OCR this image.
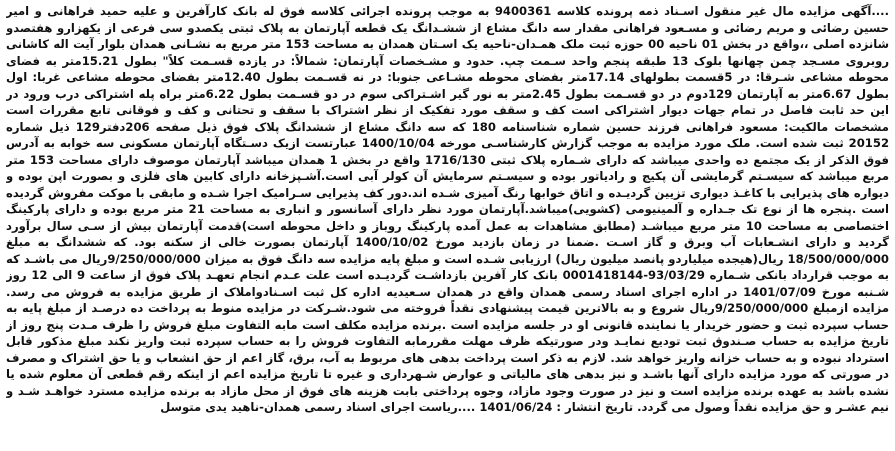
....آگهی مزایده مال غیر منقول اسـناد ذمه پرونده کلاسه 9400361 به موجب پرونده اجرائی کلاسه فوق له بانک کارآفرین و علیه حمید فراهانی و امیر حسین رضائی و مریم رضائی و مسـعود فراهانی مقدار سه دانگ مشاع از ششـدانگ یک قطعه آپارتمان به پلاک ثبتی یکصدو سی فرعی از یکهزارو هفتصدو شانزده اصلی ،،واقع در بخش 01 ناحیه 00 حوزه ثبت ملک همـدان-ناحیه یک اسـتان همدان به مساحت 153 متر مربع به نشـانی همدان بلوار آیت اله کاشانی روبروی مسـجد چمن چهانها بلوک 13 طبقه پنجم واحد سـمت چپ. حدود و مشـخصات آپارتمان: شمالاً: در یازده قسـمت کلاً" بطول 15.21متر به فضای محوطه مشاعی شـرقا: در 5قسمت بطولهای 17.14متر بفضای محوطه مشـاعی جنوبا: در نه قسـمت بطول 12.40متر بفضای محوطه مشاعی غربا: اول بطول 6.67متر به آپارتمان 129دوم در دو قسـمت بطول 2.45متر به نور گیر اشـتراکی سوم در دو قسـمت بطول 6.22متر براه پله اشتراکی درب ورود در این حد ثابت فاصل در تمام جهات دیوار اشتراکی است کف و سقف مورد تفکیک از نظر اشتراک با سقف و تحتانی و کف و فوقانی تابع مقررات است مشخصات مالکیت: مسعود فراهانی فرزند حسین شماره شناسنامه 180 که سه دانگ مشاع از ششدانگ پلاک فوق ذیل صفحه 206دفتر129 ذیل شماره 20152 ثبت شده است. ملک مورد مزایده به موجب گزارش کارشناسـی مورخه 1400/10/04 عبارتست ازیک دسـتگاه آپارتمان مسکونی سه خوابه به آدرس فوق الذکر از یک مجتمع ده واحدی میباشد که دارای شـماره پلاک ثبتی 1716/130 واقع در بخش 1 همدان میباشد آپارتمان موصوف دارای مساحت 153 متر مربع میباشد که سیسـتم گرمایشی آن پکیج و رادیاتور بوده و سیسـتم سرمایش آن کولر آبی است.آشـپزخانه دارای کابین های فلزی و بصورت اپن بوده و دیواره های پذیرایی با کاغـذ دیواری تزیین گردیـده و اتاق خوابها رنگ آمیزی شـده اند.دور کف پذیرایی سـرامیک اجرا شـده و مابقی با موکت مفروش گردیده است .پنجره ها از نوع تک جـداره و آلمینیومی (کشویی)میباشد.آپارتمان مورد نظر دارای آسانسور و انباری به مساحت 21 متر مربع بوده و دارای پارکینگ اختصاصی به مساحت 10 متر مربع میباشـد (مطابق مشاهدات به عمل آمده پارکینگ روباز و داخل محوطه است)قدمت آپارتمان بیش از سـی سال برآورد گردید و دارای انشـعابات آب وبرق و گاز اسـت .ضمنا در زمان بازدید مورخ 1400/10/02 آپارتمان بصورت خالی از سکنه بود. که ششدانگ به مبلغ 18/500/000/000 ریال(هیجده میلیاردو پانصد میلیون ریال) ارزیابی شـده است و مبلغ پایه مزایده سه دانگ فوق به میزان 9/250/000/000ریال می باشـد که به موجب قرارداد بانکی شـماره 93/03/29-0001418144 بانک کار آفرین بازداشـت گردیـده است علت عـدم انجام تعهـد پلاک فوق از ساعت 9 الی 12 روز شـنبه مورخ 1401/07/09 در اداره اجرای اسناد رسمی همدان واقع در همدان سـعیدیه اداره کل ثبت اسـنادواملاک از طریق مزایده به فروش می رسد. مزایده ازمبلغ 9/250/000/000ریال شروع و به بالاترین قیمت پیشنهادی نقداً فروخته می شود.شـرکت در مزایده منوط به پرداخت ده درصـد از مبلغ پایه به حساب سپرده ثبت و حضور خریدار یا نماینده قانونی او در جلسه مزایده است .برنده مزایده مکلف است مابه التفاوت مبلغ فروش را ظرف مـدت پنج روز از تاریخ مزایده به حساب صـندوق ثبت توديع نمايـد ودر صورتيكه ظرف مهلت مقررمابه التفاوت فروش را به حساب سپرده ثبت واريز نكند مبلغ مذكور قابل استرداد نبوده و به حساب خزانه واریز خواهد شد. لازم به ذکر است پرداخت بدهی های مربوط به آب، برق، گاز اعم از حق انشعاب و یا حق اشتراک و مصرف در صورتی که مورد مزایده دارای آنها باشـد و نیز بدهی های مالیاتی و عوارض شـهرداری و غیره تا تاریخ مزایده اعم از اینکه رقم قطعی آن معلوم شده یا نشده باشد به عهده برنده مزایده است و نیز در صورت وجود مازاد، وجوه پرداختی بابت هزینه های فوق از محل مازاد به برنده مزایده مسترد خواهـد شـد و نیم عشـر و حق مزایده نقداً وصول می گردد. تاریخ انتشار : 1401/06/24 ....رياست اجراى اسناد رسمى همدان-ناهيد يدى متوسل
